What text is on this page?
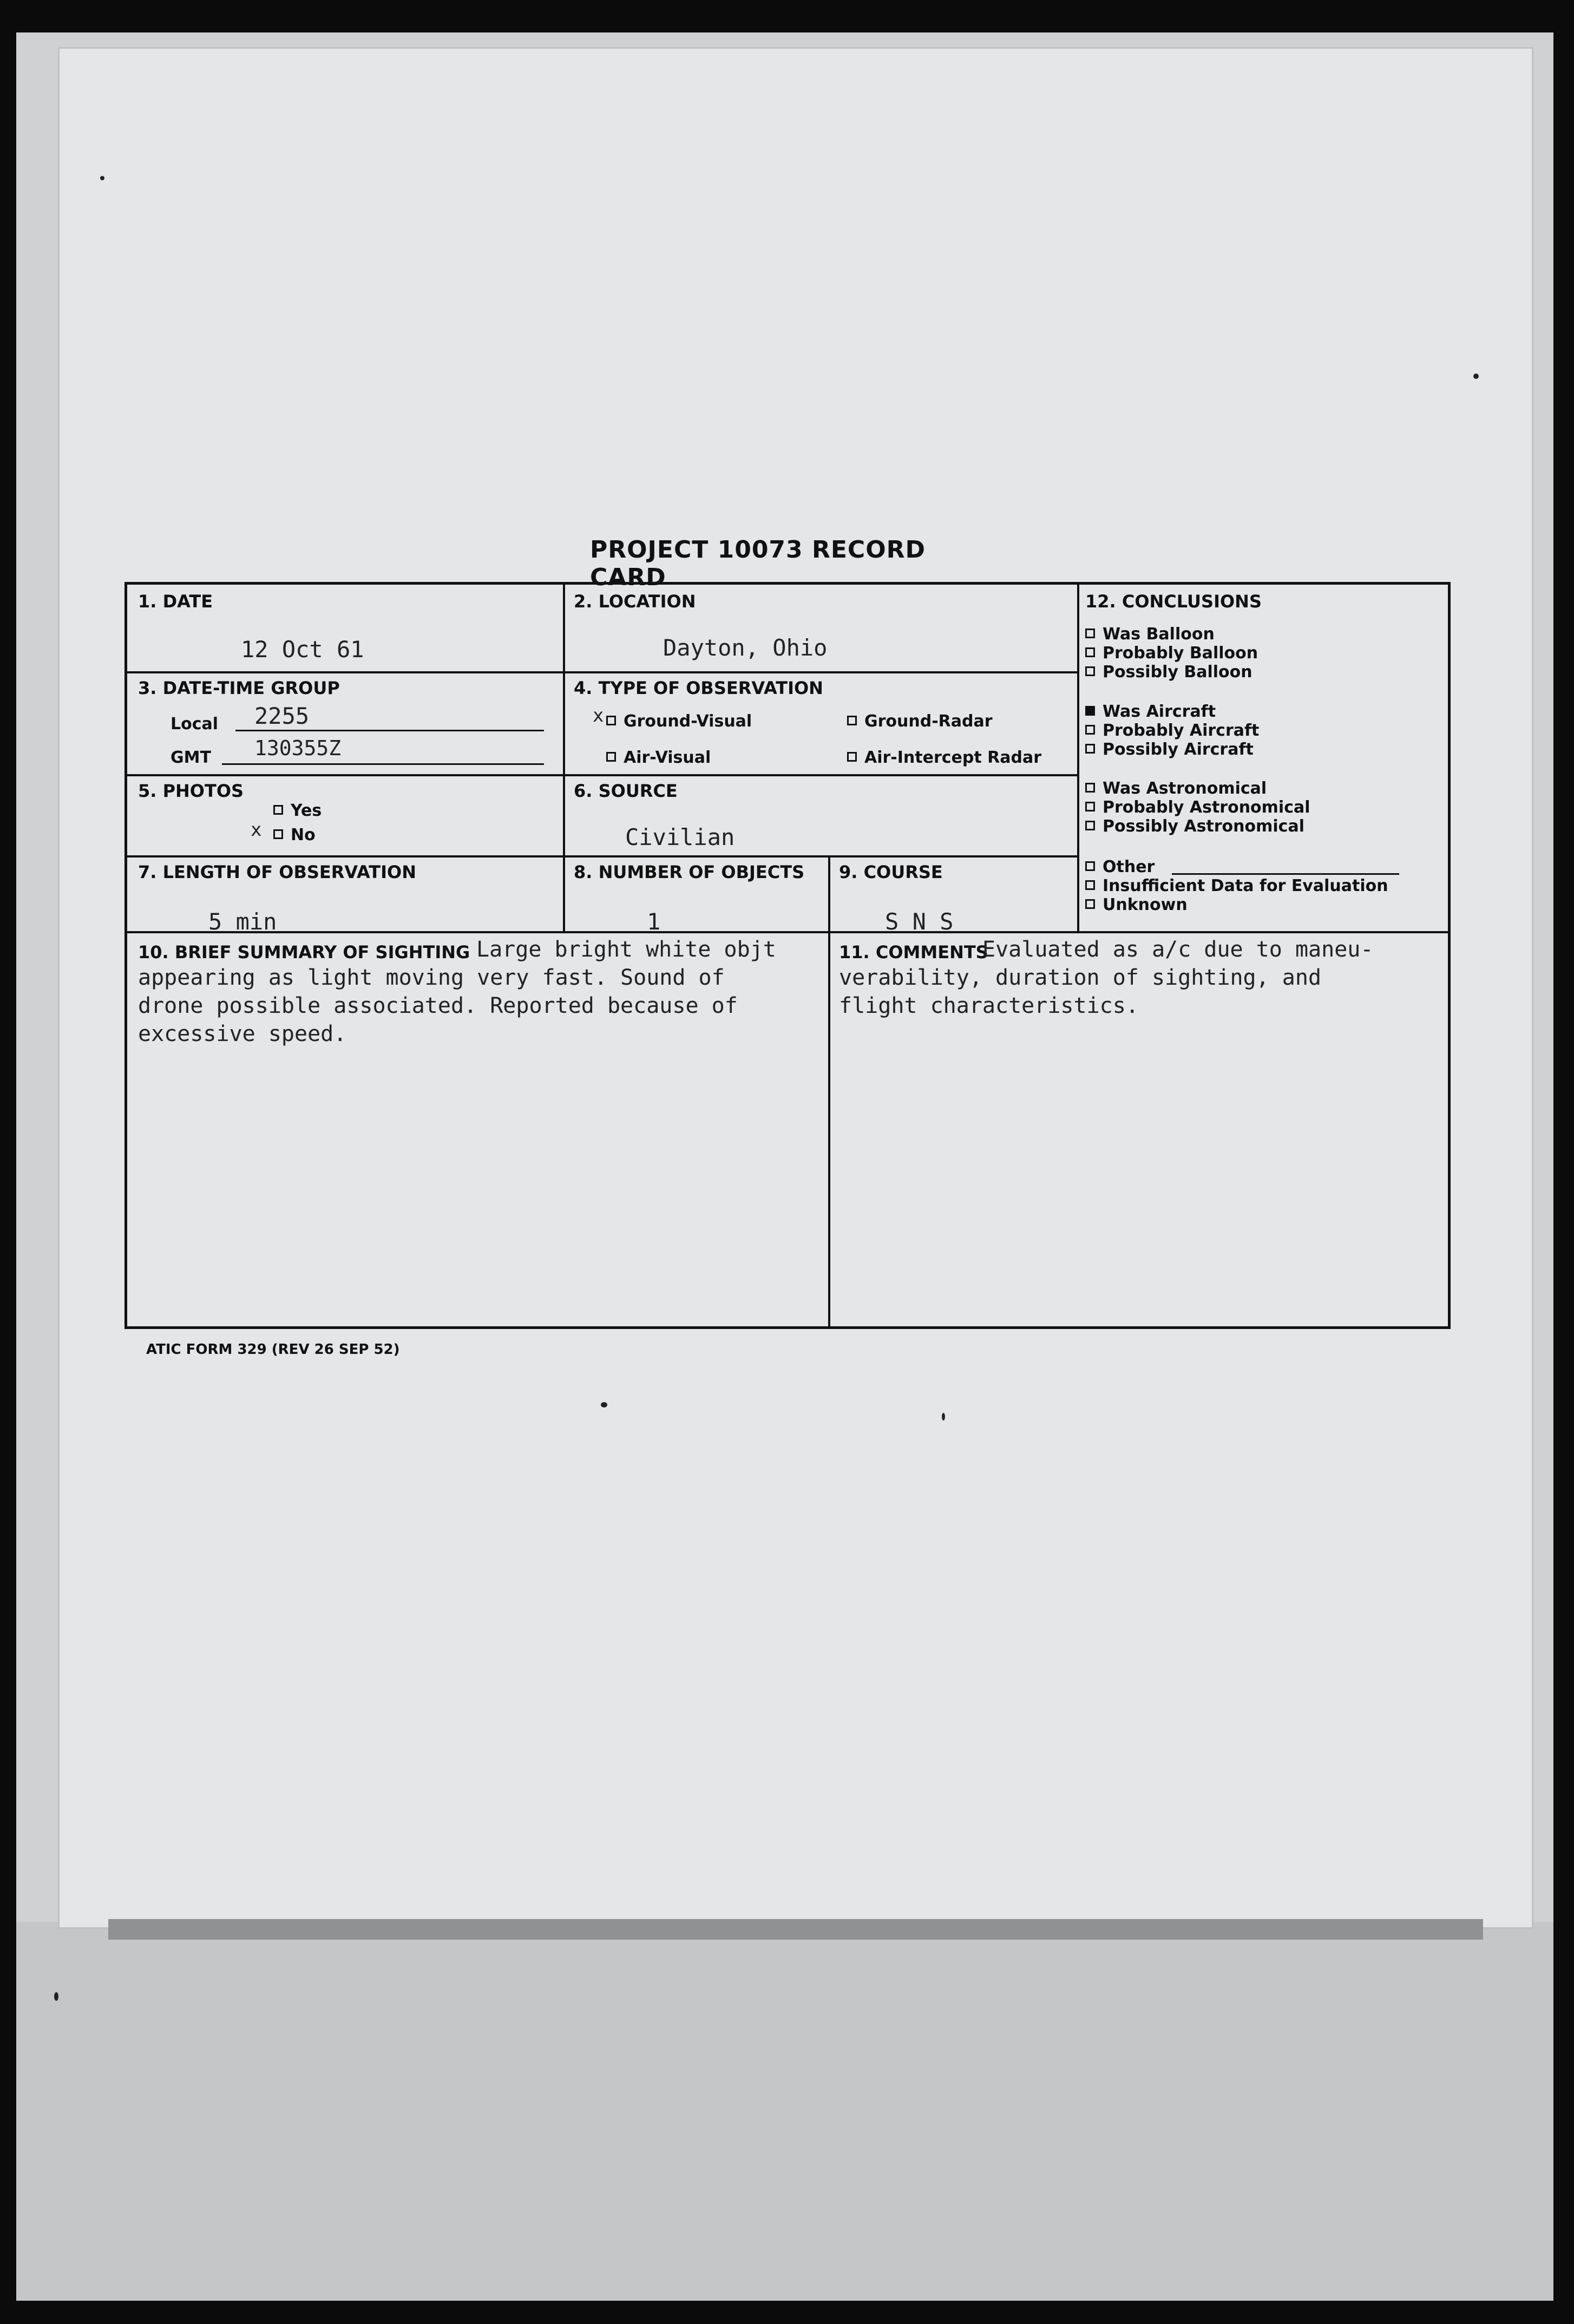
PROJECT 10073 RECORD CARD
1. DATE
12 Oct 61
2. LOCATION
Dayton, Ohio
12. CONCLUSIONS
Was Balloon
Probably Balloon
Possibly Balloon
Was Aircraft
Probably Aircraft
Possibly Aircraft
Was Astronomical
Probably Astronomical
Possibly Astronomical
Other
Insufficient Data for Evaluation
Unknown
3. DATE-TIME GROUP
Local 2255
GMT 130355Z
4. TYPE OF OBSERVATION
x	Ground-Visual	Ground-Radar
Air-Visual	Air-Intercept Radar
5. PHOTOS
Yes
x	No
6. SOURCE
Civilian
7. LENGTH OF OBSERVATION
5 min
8. NUMBER OF OBJECTS
1
9. COURSE
S N S
10. BRIEF SUMMARY OF SIGHTING Large bright white objt
appearing as light moving very fast. Sound of
drone possible associated. Reported because of
excessive speed.
11. COMMENTS
Evaluated as a/c due to maneu-
verability, duration of sighting, and
flight characteristics.
ATIC FORM 329 (REV 26 SEP 52)
